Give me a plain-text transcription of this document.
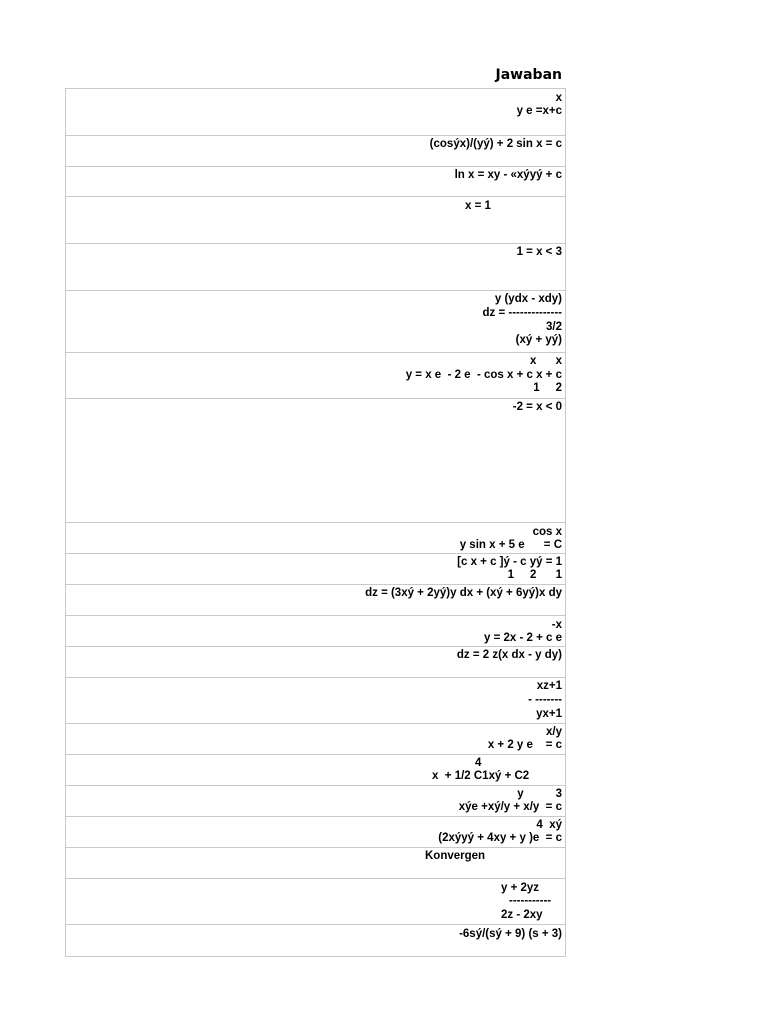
Jawaban
x
y e =x+c
(cosýx)/(yý) + 2 sin x = c
ln x = xy - «xýyý + c
x = 1
1 = x < 3
y (ydx - xdy)
dz = --------------
3/2
(xý + yý)
x      x
y = x e  - 2 e  - cos x + c x + c
1     2
-2 = x < 0
cos x
y sin x + 5 e      = C
[c x + c ]ý - c yý = 1
1     2      1
dz = (3xý + 2yý)y dx + (xý + 6yý)x dy
-x
y = 2x - 2 + c e
dz = 2 z(x dx - y dy)
xz+1
- -------
yx+1
x/y
x + 2 y e    = c
4
x  + 1/2 C1xý + C2
y          3
xýe +xý/y + x/y  = c
4  xý
(2xýyý + 4xy + y )e  = c
Konvergen
y + 2yz
-----------
2z - 2xy
-6sý/(sý + 9) (s + 3)
